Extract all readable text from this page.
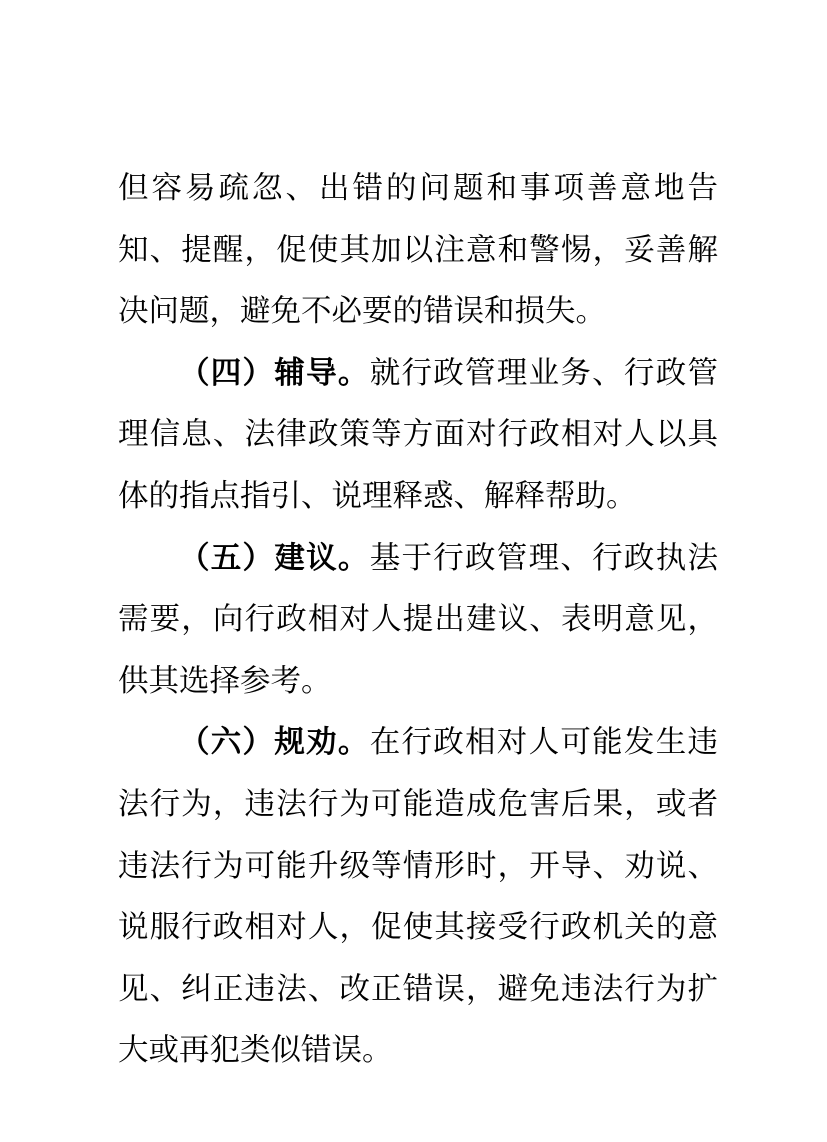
但容易疏忽、出错的问题和事项善意地告知、提醒，促使其加以注意和警惕，妥善解决问题，避免不必要的错误和损失。

（四）辅导。就行政管理业务、行政管理信息、法律政策等方面对行政相对人以具体的指点指引、说理释惑、解释帮助。

（五）建议。基于行政管理、行政执法需要，向行政相对人提出建议、表明意见，供其选择参考。

（六）规劝。在行政相对人可能发生违法行为，违法行为可能造成危害后果，或者违法行为可能升级等情形时，开导、劝说、说服行政相对人，促使其接受行政机关的意见、纠正违法、改正错误，避免违法行为扩大或再犯类似错误。
